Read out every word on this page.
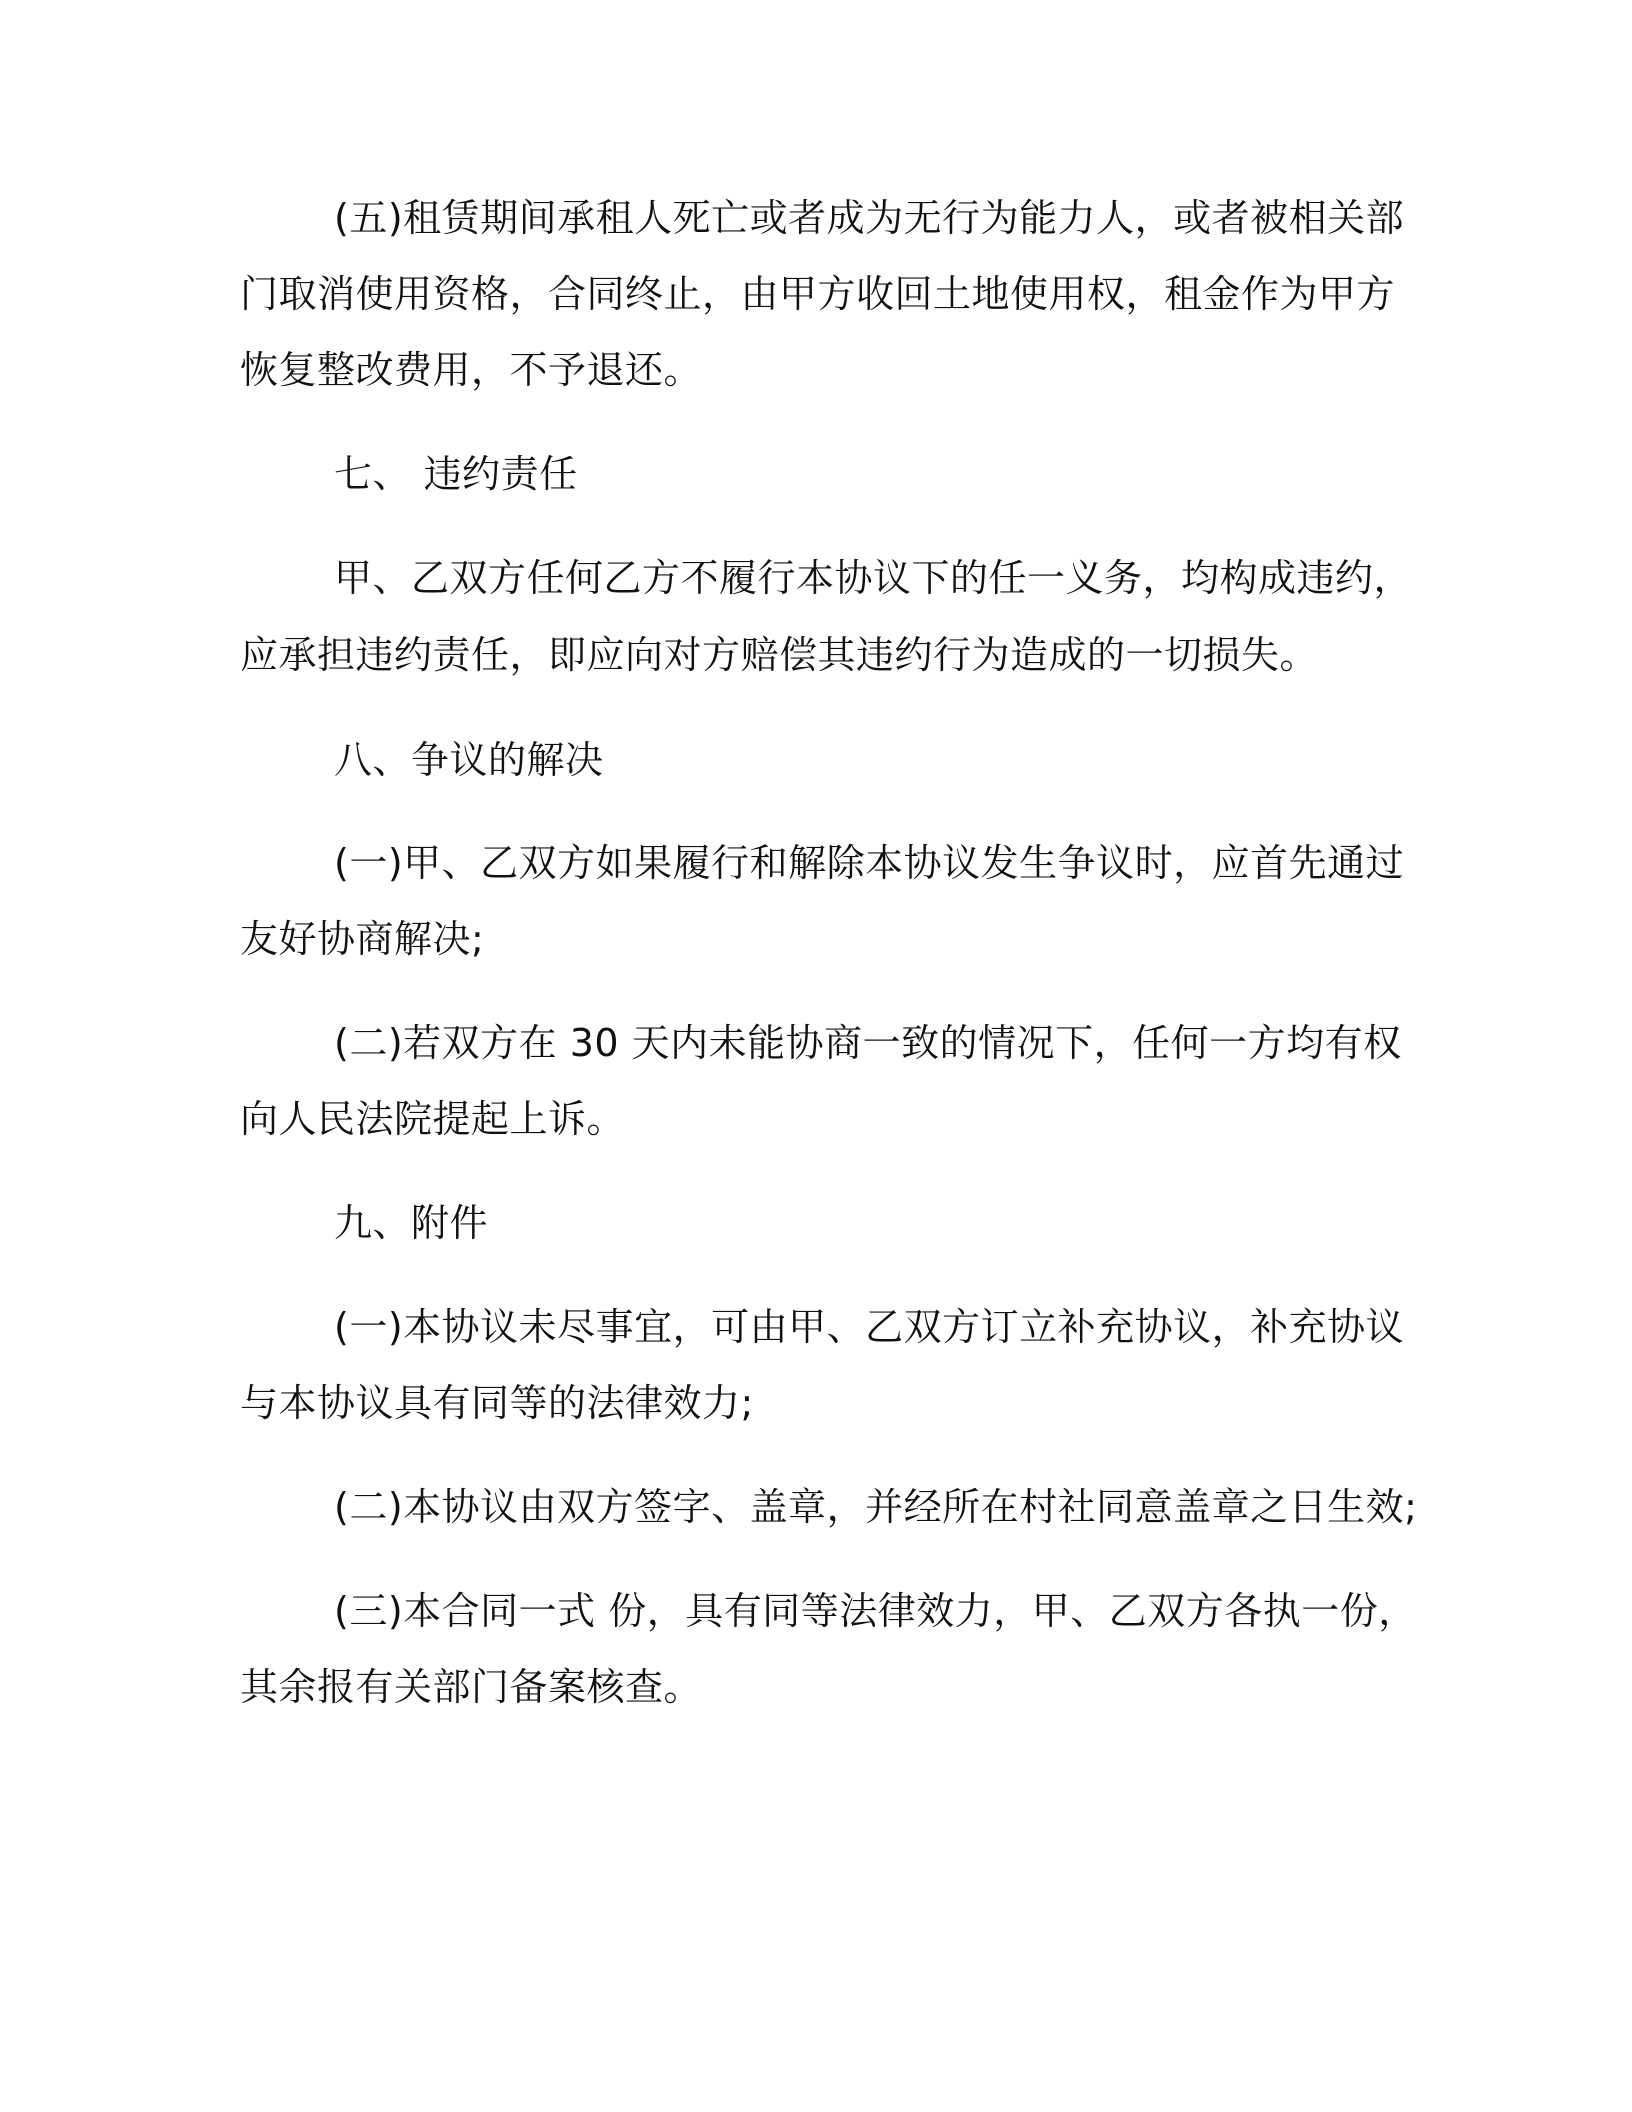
(五)租赁期间承租人死亡或者成为无行为能力人，或者被相关部

门取消使用资格，合同终止，由甲方收回土地使用权，租金作为甲方

恢复整改费用，不予退还。

七、 违约责任

甲、乙双方任何乙方不履行本协议下的任一义务，均构成违约，

应承担违约责任，即应向对方赔偿其违约行为造成的一切损失。

八、争议的解决

(一)甲、乙双方如果履行和解除本协议发生争议时，应首先通过

友好协商解决;

(二)若双方在 30 天内未能协商一致的情况下，任何一方均有权

向人民法院提起上诉。

九、附件

(一)本协议未尽事宜，可由甲、乙双方订立补充协议，补充协议

与本协议具有同等的法律效力;

(二)本协议由双方签字、盖章，并经所在村社同意盖章之日生效;

(三)本合同一式 份，具有同等法律效力，甲、乙双方各执一份，

其余报有关部门备案核查。
